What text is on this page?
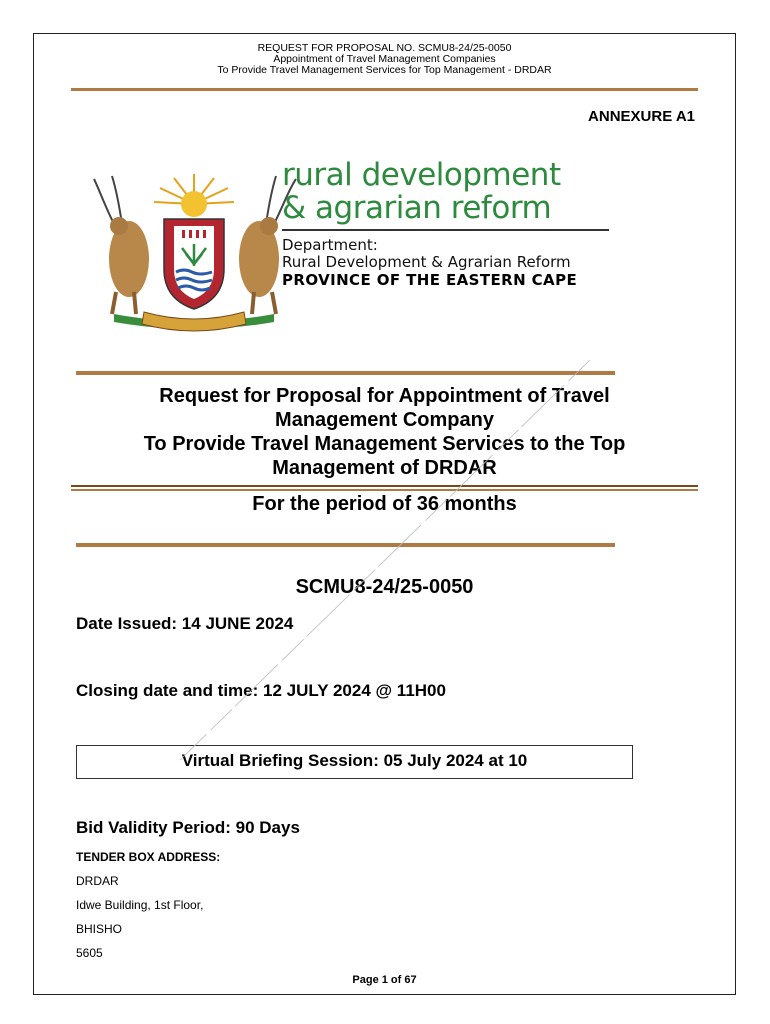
REQUEST FOR PROPOSAL NO. SCMU8-24/25-0050
Appointment of Travel Management Companies
To Provide Travel Management Services for Top Management - DRDAR
ANNEXURE A1
rural development
& agrarian reform
Department:
Rural Development & Agrarian Reform
PROVINCE OF THE EASTERN CAPE
Request for Proposal for Appointment of Travel
Management Company
To Provide Travel Management Services to the Top
Management of DRDAR
For the period of 36 months
SCMU8-24/25-0050
Date Issued: 14 JUNE 2024
Closing date and time: 12 JULY 2024 @ 11H00
Virtual Briefing Session: 05 July 2024 at 10
Bid Validity Period: 90 Days
TENDER BOX ADDRESS:
DRDAR
Idwe Building, 1st Floor,
BHISHO
5605
Page 1 of 67
